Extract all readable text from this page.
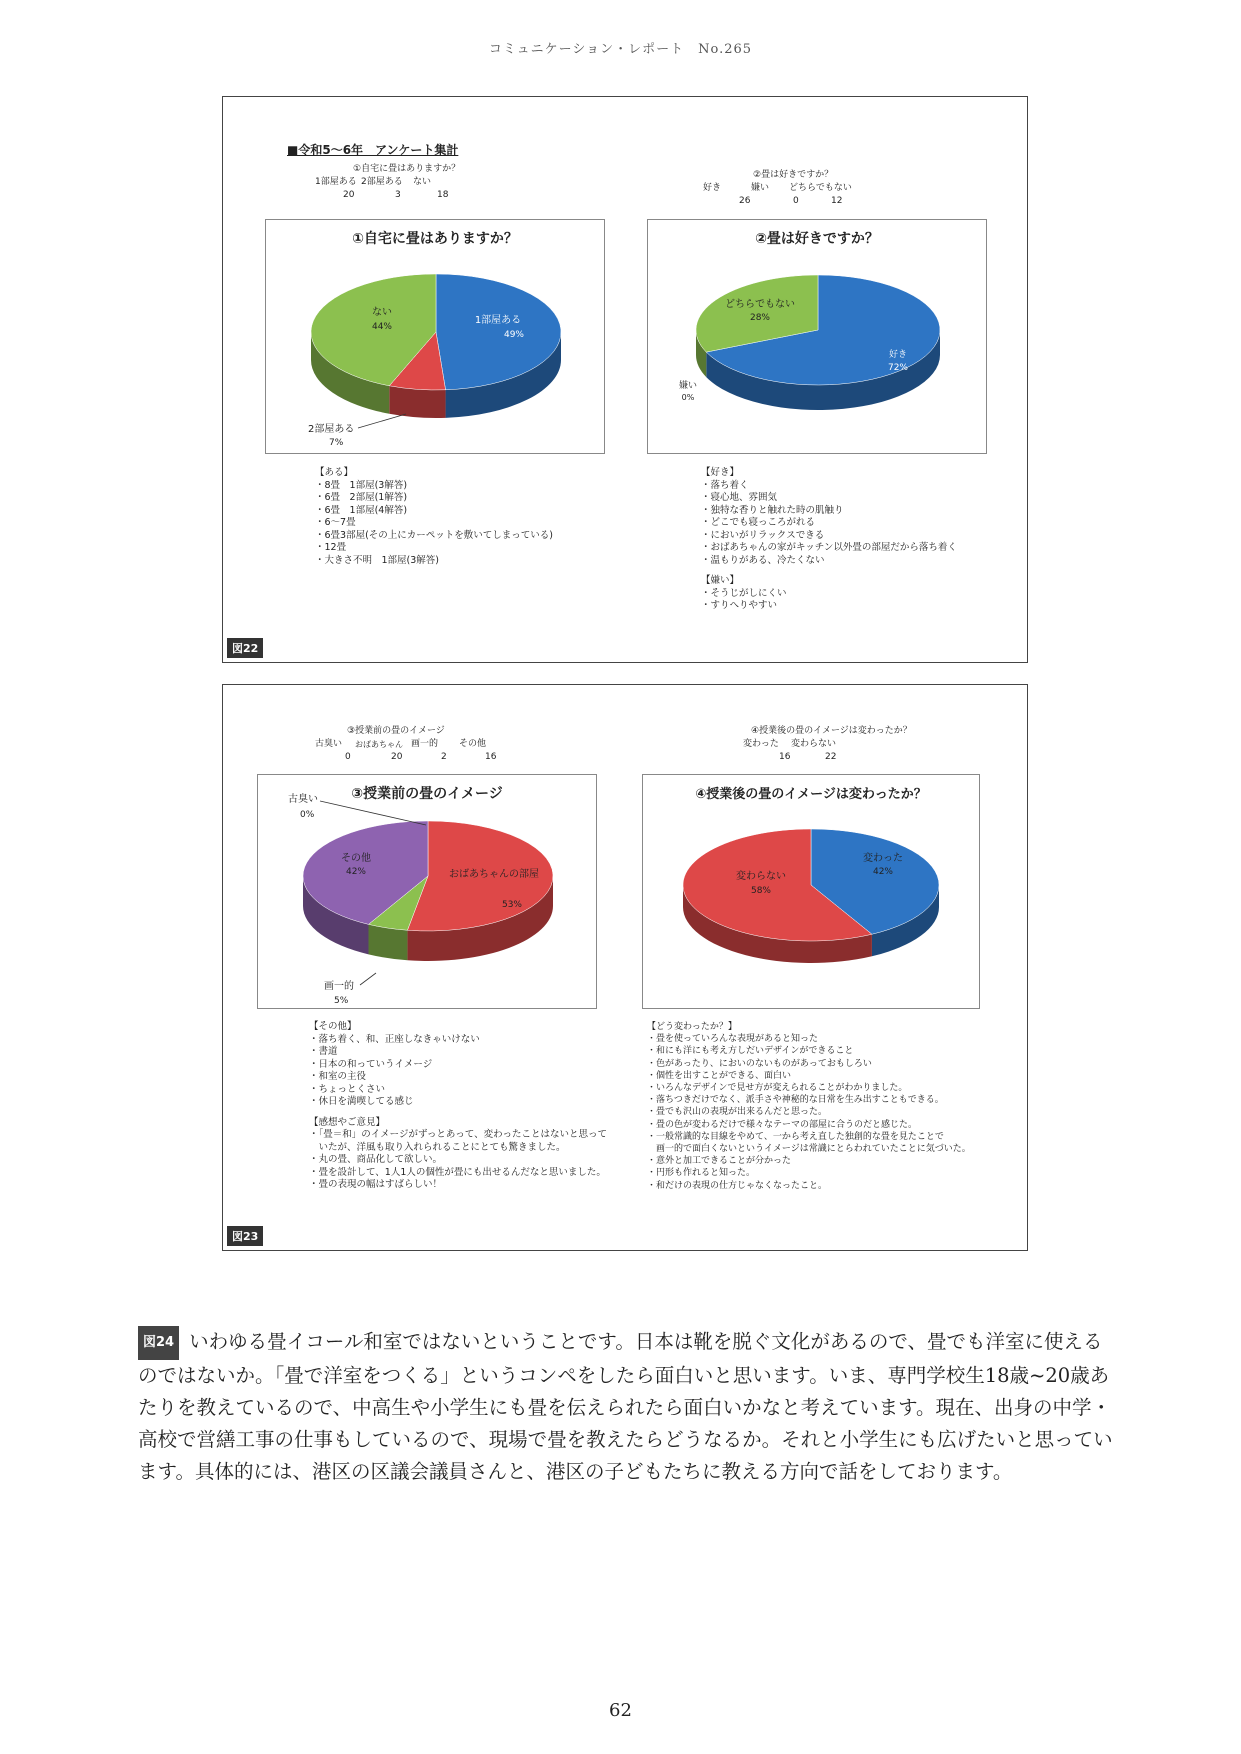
コミュニケーション・レポート　No.265
■令和5～6年　アンケート集計
①自宅に畳はありますか？
1部屋ある 2部屋ある	ない
20	3	18
②畳は好きですか？
好き	嫌い	どちらでもない
26	0	12
①自宅に畳はありますか？
1部屋ある
49%
ない
44%
2部屋ある
7%
②畳は好きですか？
どちらでもない
28%
好き
72%
嫌い
0%
【ある】
・8畳　1部屋(3解答)
・6畳　2部屋(1解答)
・6畳　1部屋(4解答)
・6～7畳
・6畳3部屋(その上にカーペットを敷いてしまっている)
・12畳
・大きさ不明　1部屋(3解答)
【好き】
・落ち着く
・寝心地、雰囲気
・独特な香りと触れた時の肌触り
・どこでも寝っころがれる
・においがリラックスできる
・おばあちゃんの家がキッチン以外畳の部屋だから落ち着く
・温もりがある、冷たくない
【嫌い】
・そうじがしにくい
・すりへりやすい
図22
③授業前の畳のイメージ
古臭い	おばあちゃん 画一的	その他
0	20	2	16
④授業後の畳のイメージは変わったか？
変わった	変わらない
16	22
③授業前の畳のイメージ
おばあちゃんの部屋
53%
その他
42%
古臭い
0%
画一的
5%
④授業後の畳のイメージは変わったか？
変わった
42%
変わらない
58%
【その他】
・落ち着く、和、正座しなきゃいけない
・書道
・日本の和っていうイメージ
・和室の主役
・ちょっとくさい
・休日を満喫してる感じ
【感想やご意見】
・「畳＝和」のイメージがずっとあって、変わったことはないと思って
　いたが、洋風も取り入れられることにとても驚きました。
・丸の畳、商品化して欲しい。
・畳を設計して、1人1人の個性が畳にも出せるんだなと思いました。
・畳の表現の幅はすばらしい！
【どう変わったか？】
・畳を使っていろんな表現があると知った
・和にも洋にも考え方しだいデザインができること
・色があったり、においのないものがあっておもしろい
・個性を出すことができる、面白い
・いろんなデザインで見せ方が変えられることがわかりました。
・落ちつきだけでなく、派手さや神秘的な日常を生み出すこともできる。
・畳でも沢山の表現が出来るんだと思った。
・畳の色が変わるだけで様々なテーマの部屋に合うのだと感じた。
・一般常識的な目線をやめて、一から考え直した独創的な畳を見たことで
　画一的で面白くないというイメージは常識にとらわれていたことに気づいた。
・意外と加工できることが分かった
・円形も作れると知った。
・和だけの表現の仕方じゃなくなったこと。
図23
図24 いわゆる畳イコール和室ではないということです。日本は靴を脱ぐ文化があるので、畳でも洋室に使えるのではないか。「畳で洋室をつくる」というコンペをしたら面白いと思います。いま、専門学校生18歳~20歳あたりを教えているので、中高生や小学生にも畳を伝えられたら面白いかなと考えています。現在、出身の中学・高校で営繕工事の仕事もしているので、現場で畳を教えたらどうなるか。それと小学生にも広げたいと思っています。具体的には、港区の区議会議員さんと、港区の子どもたちに教える方向で話をしております。
62
